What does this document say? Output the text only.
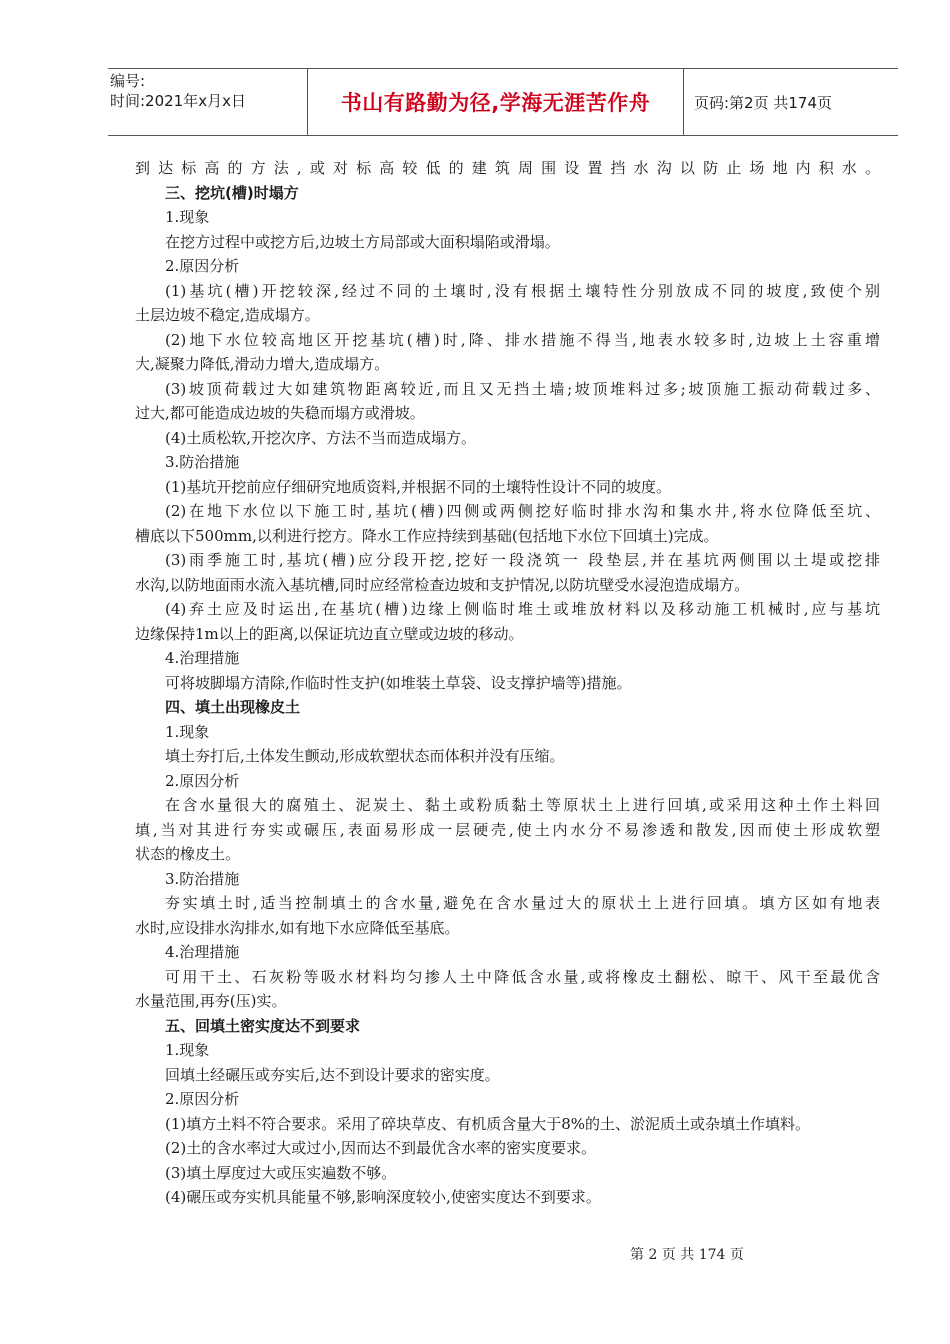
编号:
时间:2021年x月x日	书山有路勤为径,学海无涯苦作舟	页码:第2页 共174页
到达标高的方法,或对标高较低的建筑周围设置挡水沟以防止场地内积水。
三、挖坑(槽)时塌方
1.现象
在挖方过程中或挖方后,边坡土方局部或大面积塌陷或滑塌。
2.原因分析
(1)基坑(槽)开挖较深,经过不同的土壤时,没有根据土壤特性分别放成不同的坡度,致使个别
土层边坡不稳定,造成塌方。
(2)地下水位较高地区开挖基坑(槽)时,降、排水措施不得当,地表水较多时,边坡上土容重增
大,凝聚力降低,滑动力增大,造成塌方。
(3)坡顶荷载过大如建筑物距离较近,而且又无挡土墙;坡顶堆料过多;坡顶施工振动荷载过多、
过大,都可能造成边坡的失稳而塌方或滑坡。
(4)土质松软,开挖次序、方法不当而造成塌方。
3.防治措施
(1)基坑开挖前应仔细研究地质资料,并根据不同的土壤特性设计不同的坡度。
(2)在地下水位以下施工时,基坑(槽)四侧或两侧挖好临时排水沟和集水井,将水位降低至坑、
槽底以下500mm,以利进行挖方。降水工作应持续到基础(包括地下水位下回填土)完成。
(3)雨季施工时,基坑(槽)应分段开挖,挖好一段浇筑一 段垫层,并在基坑两侧围以土堤或挖排
水沟,以防地面雨水流入基坑槽,同时应经常检查边坡和支护情况,以防坑壁受水浸泡造成塌方。
(4)弃土应及时运出,在基坑(槽)边缘上侧临时堆土或堆放材料以及移动施工机械时,应与基坑
边缘保持1m以上的距离,以保证坑边直立壁或边坡的移动。
4.治理措施
可将坡脚塌方清除,作临时性支护(如堆装土草袋、设支撑护墙等)措施。
四、填土出现橡皮土
1.现象
填土夯打后,土体发生颤动,形成软塑状态而体积并没有压缩。
2.原因分析
在含水量很大的腐殖土、泥炭土、黏土或粉质黏土等原状土上进行回填,或采用这种土作土料回
填,当对其进行夯实或碾压,表面易形成一层硬壳,使土内水分不易渗透和散发,因而使土形成软塑
状态的橡皮土。
3.防治措施
夯实填土时,适当控制填土的含水量,避免在含水量过大的原状土上进行回填。填方区如有地表
水时,应设排水沟排水,如有地下水应降低至基底。
4.治理措施
可用干土、石灰粉等吸水材料均匀掺人土中降低含水量,或将橡皮土翻松、晾干、风干至最优含
水量范围,再夯(压)实。
五、回填土密实度达不到要求
1.现象
回填土经碾压或夯实后,达不到设计要求的密实度。
2.原因分析
(1)填方土料不符合要求。采用了碎块草皮、有机质含量大于8%的土、淤泥质土或杂填土作填料。
(2)土的含水率过大或过小,因而达不到最优含水率的密实度要求。
(3)填土厚度过大或压实遍数不够。
(4)碾压或夯实机具能量不够,影响深度较小,使密实度达不到要求。
第 2 页 共 174 页
